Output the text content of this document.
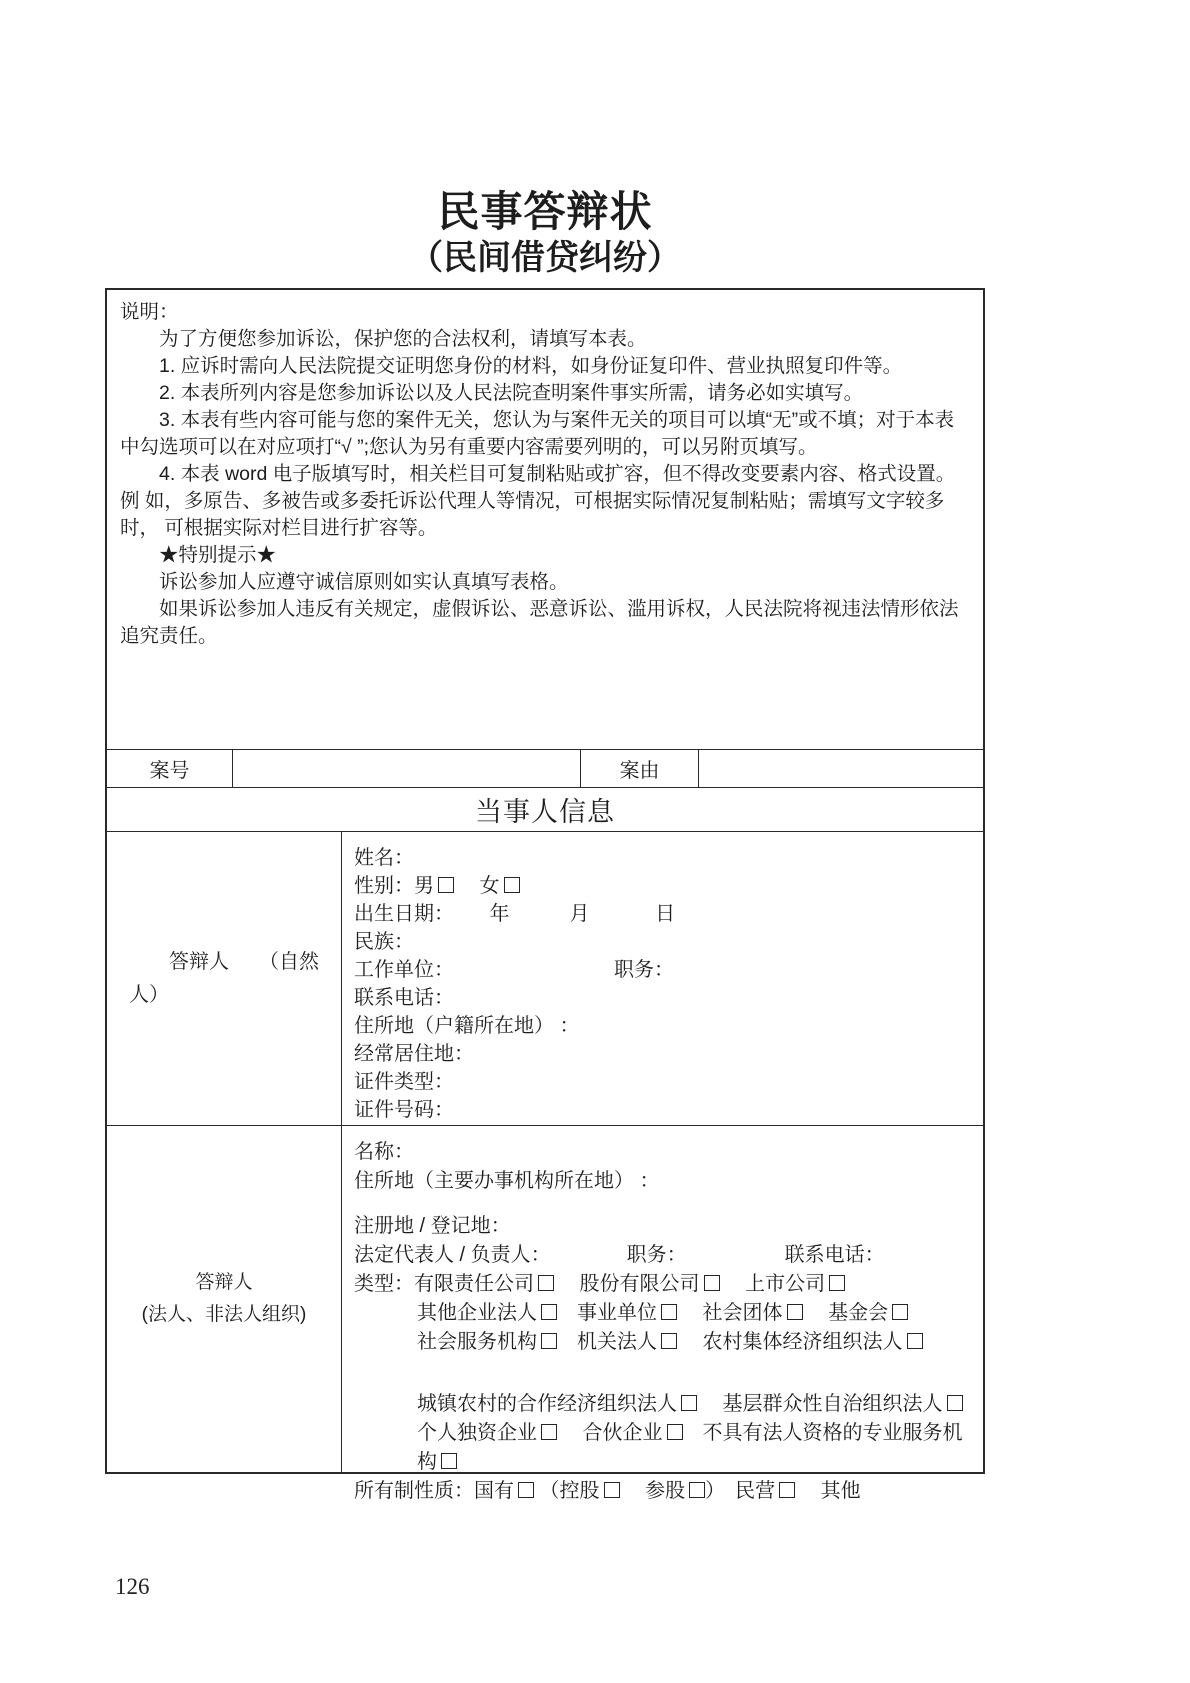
民事答辩状
（民间借贷纠纷）
说明：

为了方便您参加诉讼，保护您的合法权利，请填写本表。

1. 应诉时需向人民法院提交证明您身份的材料，如身份证复印件、营业执照复印件等。

2. 本表所列内容是您参加诉讼以及人民法院查明案件事实所需，请务必如实填写。

3. 本表有些内容可能与您的案件无关，您认为与案件无关的项目可以填“无”或不填；对于本表中勾选项可以在对应项打“√ ”;您认为另有重要内容需要列明的，可以另附页填写。

4. 本表 word 电子版填写时，相关栏目可复制粘贴或扩容，但不得改变要素内容、格式设置。例 如，多原告、多被告或多委托诉讼代理人等情况，可根据实际情况复制粘贴；需填写文字较多时， 可根据实际对栏目进行扩容等。

★特别提示★

诉讼参加人应遵守诚信原则如实认真填写表格。

如果诉讼参加人违反有关规定，虚假诉讼、恶意诉讼、滥用诉权，人民法院将视违法情形依法追究责任。

案号	案由
当事人信息
答辩人　　（自然人）
姓名：
性别：男　 女
出生日期：　　 年　　　月　　　 日
民族：
工作单位：	职务：
联系电话：
住所地（户籍所在地） ：
经常居住地：
证件类型：
证件号码：
答辩人
(法人、非法人组织)
名称：
住所地（主要办事机构所在地） ：
注册地 / 登记地：
法定代表人 / 负责人：	职务：	联系电话：
类型：有限责任公司　 股份有限公司　 上市公司
其他企业法人　事业单位　 社会团体　 基金会
社会服务机构　机关法人　 农村集体经济组织法人
城镇农村的合作经济组织法人　 基层群众性自治组织法人
个人独资企业　 合伙企业　不具有法人资格的专业服务机构
所有制性质：国有 （控股　 参股 ）　民营　 其他
126
